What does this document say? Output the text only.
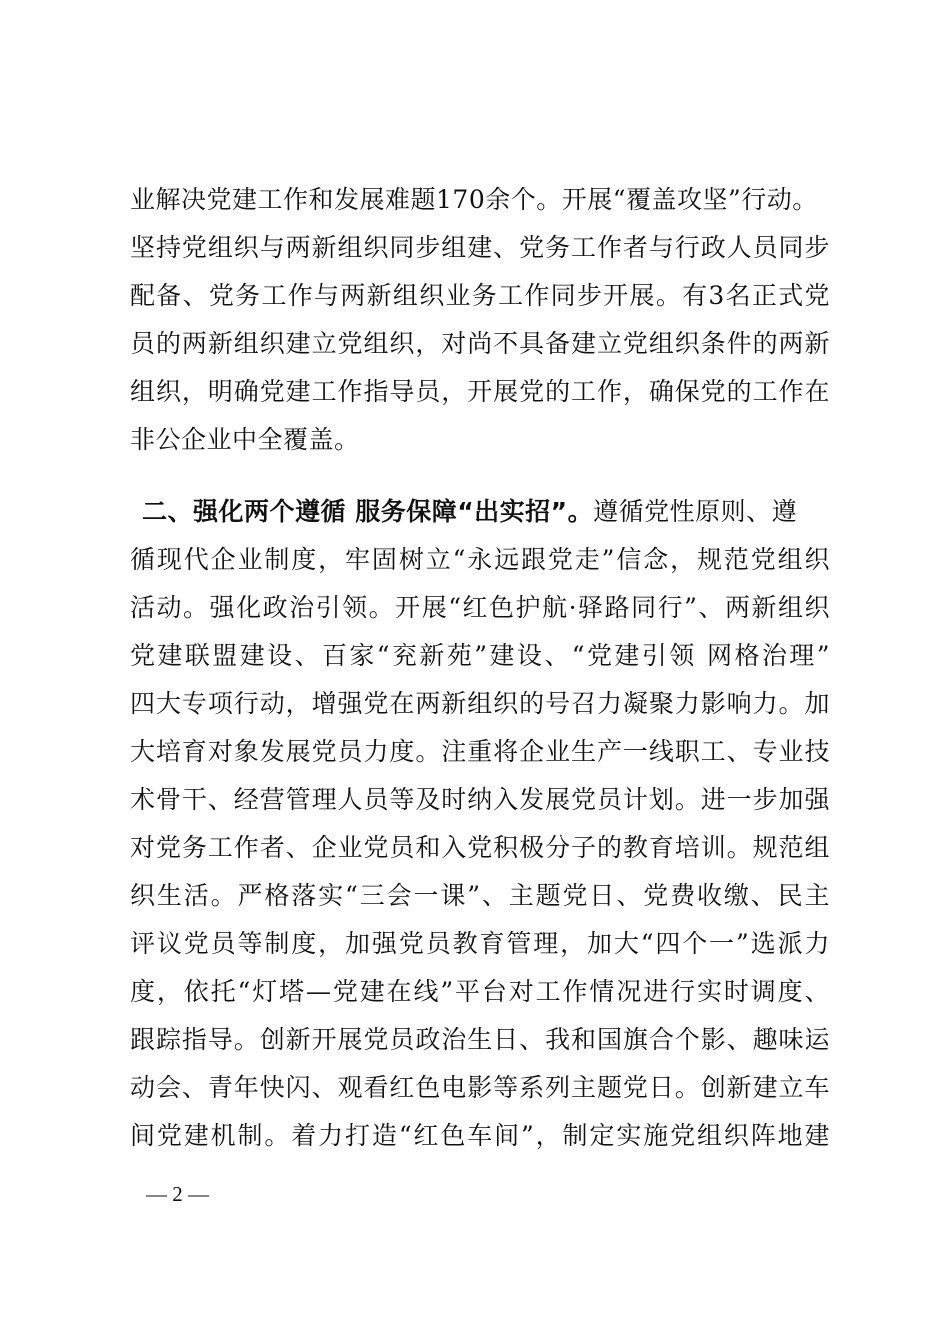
业解决党建工作和发展难题170余个。开展“覆盖攻坚”行动。
坚持党组织与两新组织同步组建、党务工作者与行政人员同步
配备、党务工作与两新组织业务工作同步开展。有3名正式党
员的两新组织建立党组织，对尚不具备建立党组织条件的两新
组织，明确党建工作指导员，开展党的工作，确保党的工作在
非公企业中全覆盖。
二、强化两个遵循 服务保障“出实招”。遵循党性原则、遵
循现代企业制度，牢固树立“永远跟党走”信念，规范党组织
活动。强化政治引领。开展“红色护航·驿路同行”、两新组织
党建联盟建设、百家“兖新苑”建设、“党建引领 网格治理”
四大专项行动，增强党在两新组织的号召力凝聚力影响力。加
大培育对象发展党员力度。注重将企业生产一线职工、专业技
术骨干、经营管理人员等及时纳入发展党员计划。进一步加强
对党务工作者、企业党员和入党积极分子的教育培训。规范组
织生活。严格落实“三会一课”、主题党日、党费收缴、民主
评议党员等制度，加强党员教育管理，加大“四个一”选派力
度，依托“灯塔—党建在线”平台对工作情况进行实时调度、
跟踪指导。创新开展党员政治生日、我和国旗合个影、趣味运
动会、青年快闪、观看红色电影等系列主题党日。创新建立车
间党建机制。着力打造“红色车间”，制定实施党组织阵地建
— 2 —
